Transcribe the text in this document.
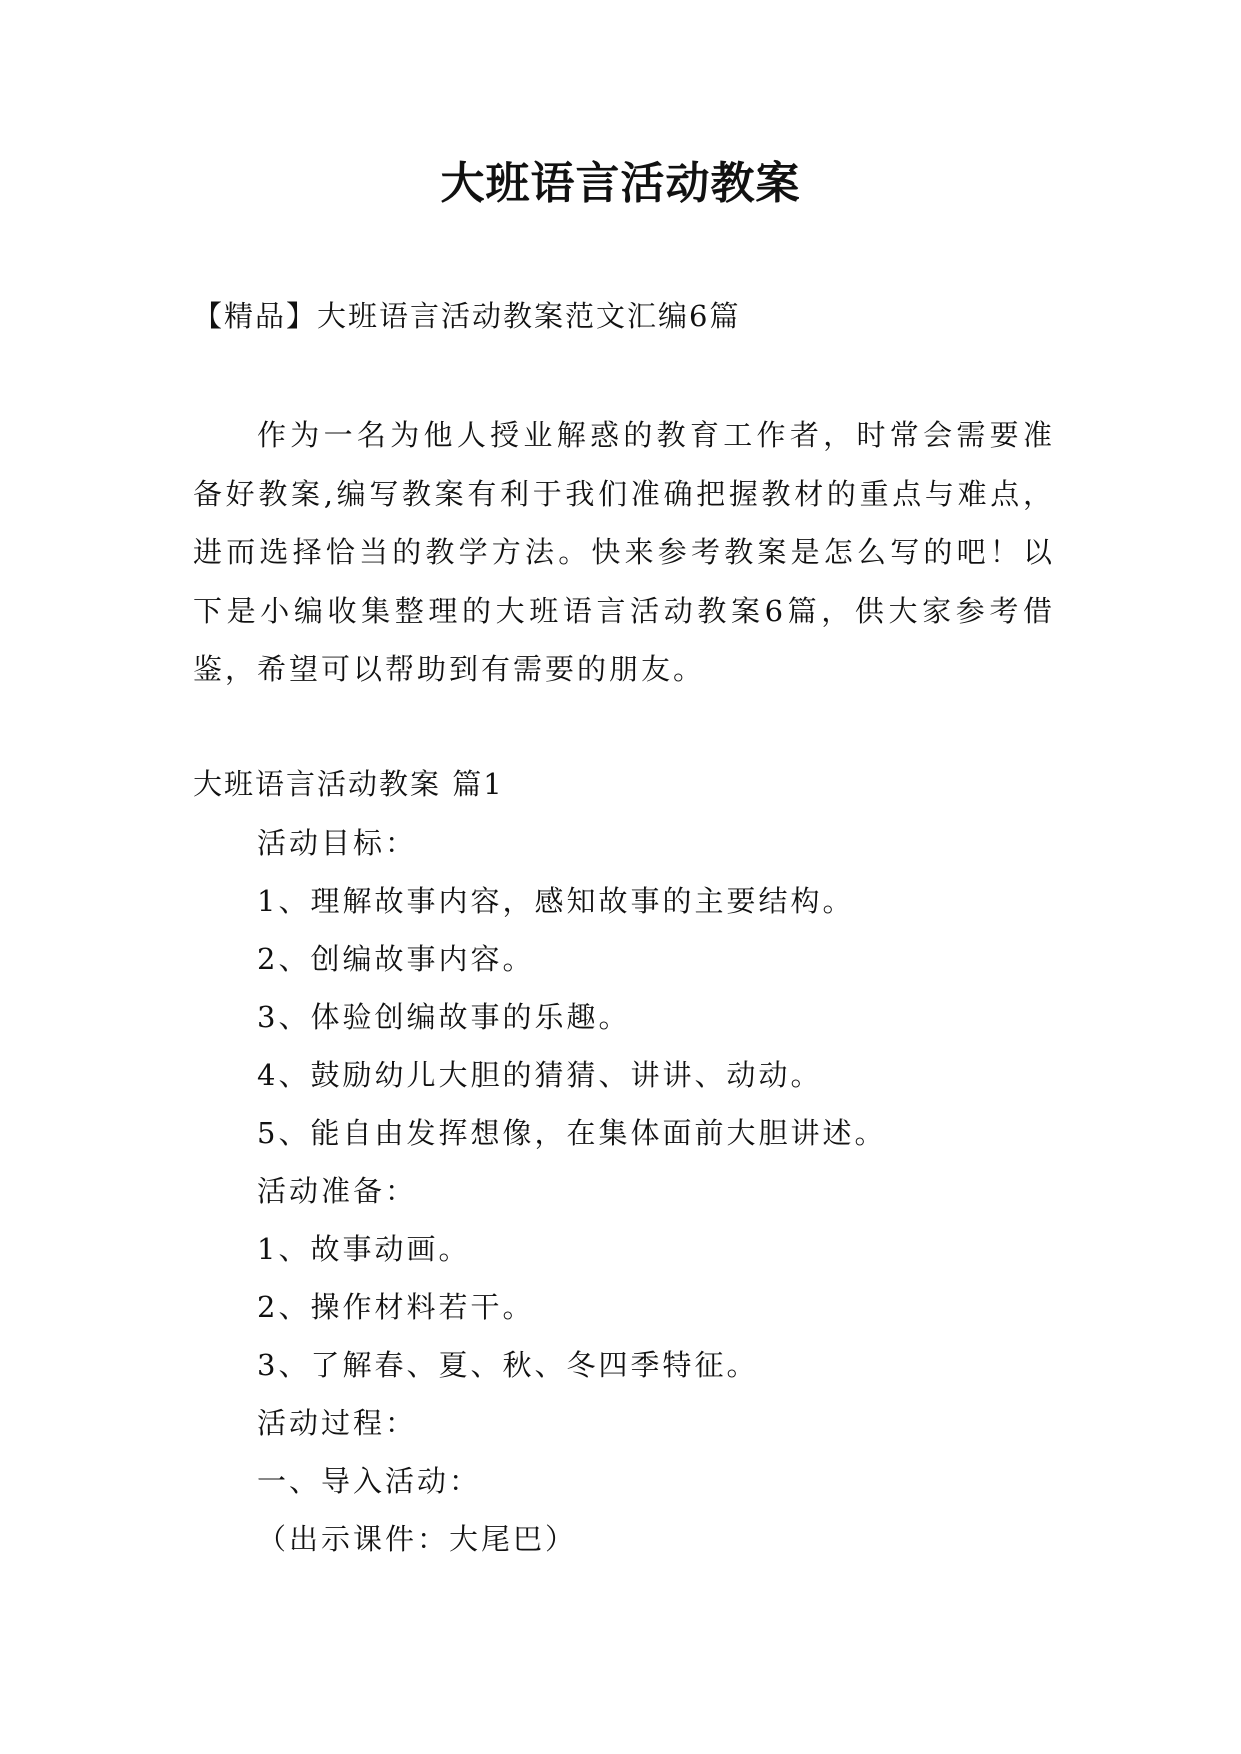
大班语言活动教案
【精品】大班语言活动教案范文汇编6篇

作为一名为他人授业解惑的教育工作者，时常会需要准备好教案,编写教案有利于我们准确把握教材的重点与难点，进而选择恰当的教学方法。快来参考教案是怎么写的吧！以下是小编收集整理的大班语言活动教案6篇，供大家参考借鉴，希望可以帮助到有需要的朋友。

大班语言活动教案 篇1
活动目标：
1、理解故事内容，感知故事的主要结构。
2、创编故事内容。
3、体验创编故事的乐趣。
4、鼓励幼儿大胆的猜猜、讲讲、动动。
5、能自由发挥想像，在集体面前大胆讲述。
活动准备：
1、故事动画。
2、操作材料若干。
3、了解春、夏、秋、冬四季特征。
活动过程：
一、导入活动：
（出示课件：大尾巴）
